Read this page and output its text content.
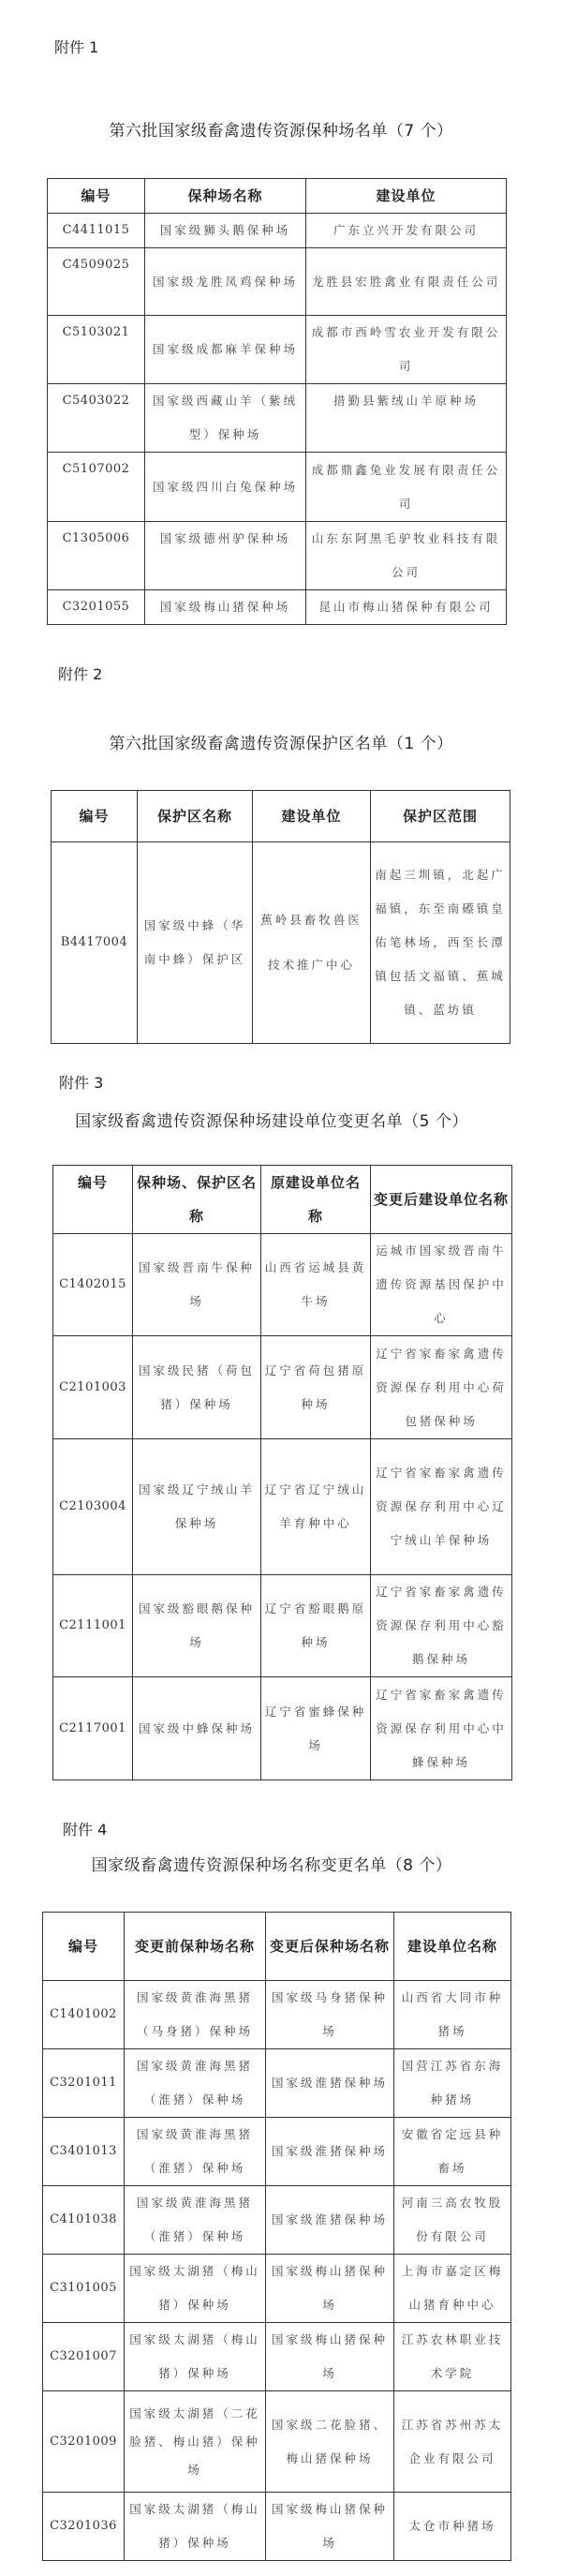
附件 1
第六批国家级畜禽遗传资源保种场名单（7 个）
编号	保种场名称	建设单位
C4411015	国家级狮头鹅保种场	广东立兴开发有限公司
C4509025	国家级龙胜凤鸡保种场	龙胜县宏胜禽业有限责任公司
C5103021	国家级成都麻羊保种场	成都市西岭雪农业开发有限公司
C5403022	国家级西藏山羊（紫绒型）保种场	措勤县紫绒山羊原种场
C5107002	国家级四川白兔保种场	成都鼎鑫兔业发展有限责任公司
C1305006	国家级德州驴保种场	山东东阿黑毛驴牧业科技有限公司
C3201055	国家级梅山猪保种场	昆山市梅山猪保种有限公司
附件 2
第六批国家级畜禽遗传资源保护区名单（1 个）
编号	保护区名称	建设单位	保护区范围
B4417004	国家级中蜂（华南中蜂）保护区	蕉岭县畜牧兽医技术推广中心	南起三圳镇，北起广福镇，东至南礤镇皇佑笔林场，西至长潭镇包括文福镇、蕉城镇、蓝坊镇
附件 3
国家级畜禽遗传资源保种场建设单位变更名单（5 个）
编号	保种场、保护区名称	原建设单位名称	变更后建设单位名称
C1402015	国家级晋南牛保种场	山西省运城县黄牛场	运城市国家级晋南牛遗传资源基因保护中心
C2101003	国家级民猪（荷包猪）保种场	辽宁省荷包猪原种场	辽宁省家畜家禽遗传资源保存利用中心荷包猪保种场
C2103004	国家级辽宁绒山羊保种场	辽宁省辽宁绒山羊育种中心	辽宁省家畜家禽遗传资源保存利用中心辽宁绒山羊保种场
C2111001	国家级豁眼鹅保种场	辽宁省豁眼鹅原种场	辽宁省家畜家禽遗传资源保存利用中心豁鹅保种场
C2117001	国家级中蜂保种场	辽宁省蜜蜂保种场	辽宁省家畜家禽遗传资源保存利用中心中蜂保种场
附件 4
国家级畜禽遗传资源保种场名称变更名单（8 个）
编号	变更前保种场名称	变更后保种场名称	建设单位名称
C1401002	国家级黄淮海黑猪（马身猪）保种场	国家级马身猪保种场	山西省大同市种猪场
C3201011	国家级黄淮海黑猪（淮猪）保种场	国家级淮猪保种场	国营江苏省东海种猪场
C3401013	国家级黄淮海黑猪（淮猪）保种场	国家级淮猪保种场	安徽省定远县种畜场
C4101038	国家级黄淮海黑猪（淮猪）保种场	国家级淮猪保种场	河南三高农牧股份有限公司
C3101005	国家级太湖猪（梅山猪）保种场	国家级梅山猪保种场	上海市嘉定区梅山猪育种中心
C3201007	国家级太湖猪（梅山猪）保种场	国家级梅山猪保种场	江苏农林职业技术学院
C3201009	国家级太湖猪（二花脸猪、梅山猪）保种场	国家级二花脸猪、梅山猪保种场	江苏省苏州苏太企业有限公司
C3201036	国家级太湖猪（梅山猪）保种场	国家级梅山猪保种场	太仓市种猪场
